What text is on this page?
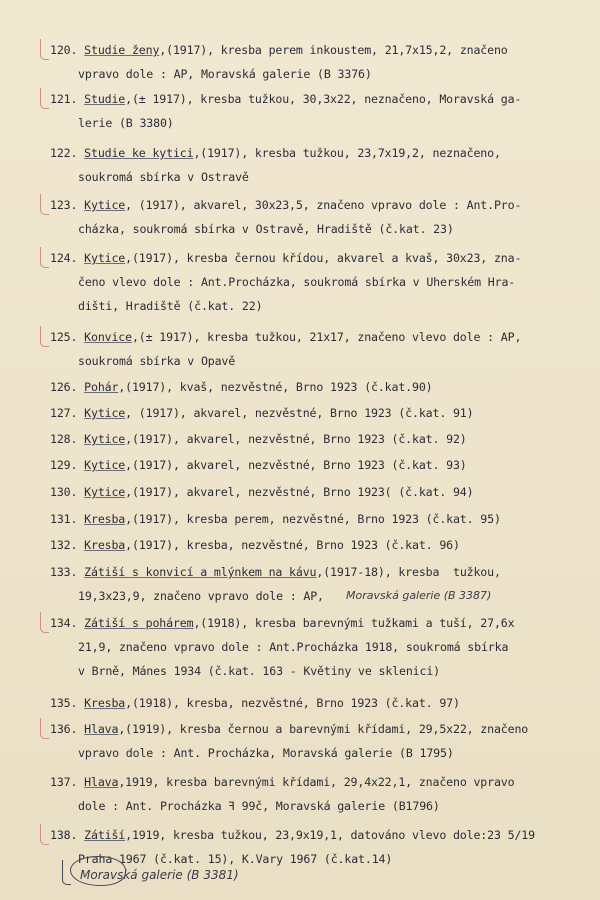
120. Studie ženy,(1917), kresba perem inkoustem, 21,7x15,2, značeno
vpravo dole : AP, Moravská galerie (B 3376)
121. Studie,(± 1917), kresba tužkou, 30,3x22, neznačeno, Moravská ga-
lerie (B 3380)
122. Studie ke kytici,(1917), kresba tužkou, 23,7x19,2, neznačeno,
soukromá sbírka v Ostravě
123. Kytice, (1917), akvarel, 30x23,5, značeno vpravo dole : Ant.Pro-
cházka, soukromá sbírka v Ostravě, Hradiště (č.kat. 23)
124. Kytice,(1917), kresba černou křídou, akvarel a kvaš, 30x23, zna-
čeno vlevo dole : Ant.Procházka, soukromá sbírka v Uherském Hra-
dišti, Hradiště (č.kat. 22)
125. Konvice,(± 1917), kresba tužkou, 21x17, značeno vlevo dole : AP,
soukromá sbírka v Opavě
126. Pohár,(1917), kvaš, nezvěstné, Brno 1923 (č.kat.90)
127. Kytice, (1917), akvarel, nezvěstné, Brno 1923 (č.kat. 91)
128. Kytice,(1917), akvarel, nezvěstné, Brno 1923 (č.kat. 92)
129. Kytice,(1917), akvarel, nezvěstné, Brno 1923 (č.kat. 93)
130. Kytice,(1917), akvarel, nezvěstné, Brno 1923( (č.kat. 94)
131. Kresba,(1917), kresba perem, nezvěstné, Brno 1923 (č.kat. 95)
132. Kresba,(1917), kresba, nezvěstné, Brno 1923 (č.kat. 96)
133. Zátiší s konvicí a mlýnkem na kávu,(1917-18), kresba  tužkou,
19,3x23,9, značeno vpravo dole : AP,
134. Zátiší s pohárem,(1918), kresba barevnými tužkami a tuší, 27,6x
21,9, značeno vpravo dole : Ant.Procházka 1918, soukromá sbírka
v Brně, Mánes 1934 (č.kat. 163 - Květiny ve sklenici)
135. Kresba,(1918), kresba, nezvěstné, Brno 1923 (č.kat. 97)
136. Hlava,(1919), kresba černou a barevnými křídami, 29,5x22, značeno
vpravo dole : Ant. Procházka, Moravská galerie (B 1795)
137. Hlava,1919, kresba barevnými křídami, 29,4x22,1, značeno vpravo
dole : Ant. Procházka ꟻ 99č, Moravská galerie (B1796)
138. Zátiší,1919, kresba tužkou, 23,9x19,1, datováno vlevo dole:23 5/19
Praha 1967 (č.kat. 15), K.Vary 1967 (č.kat.14)
Moravská galerie (B 3387)
Moravská galerie (B 3381)
